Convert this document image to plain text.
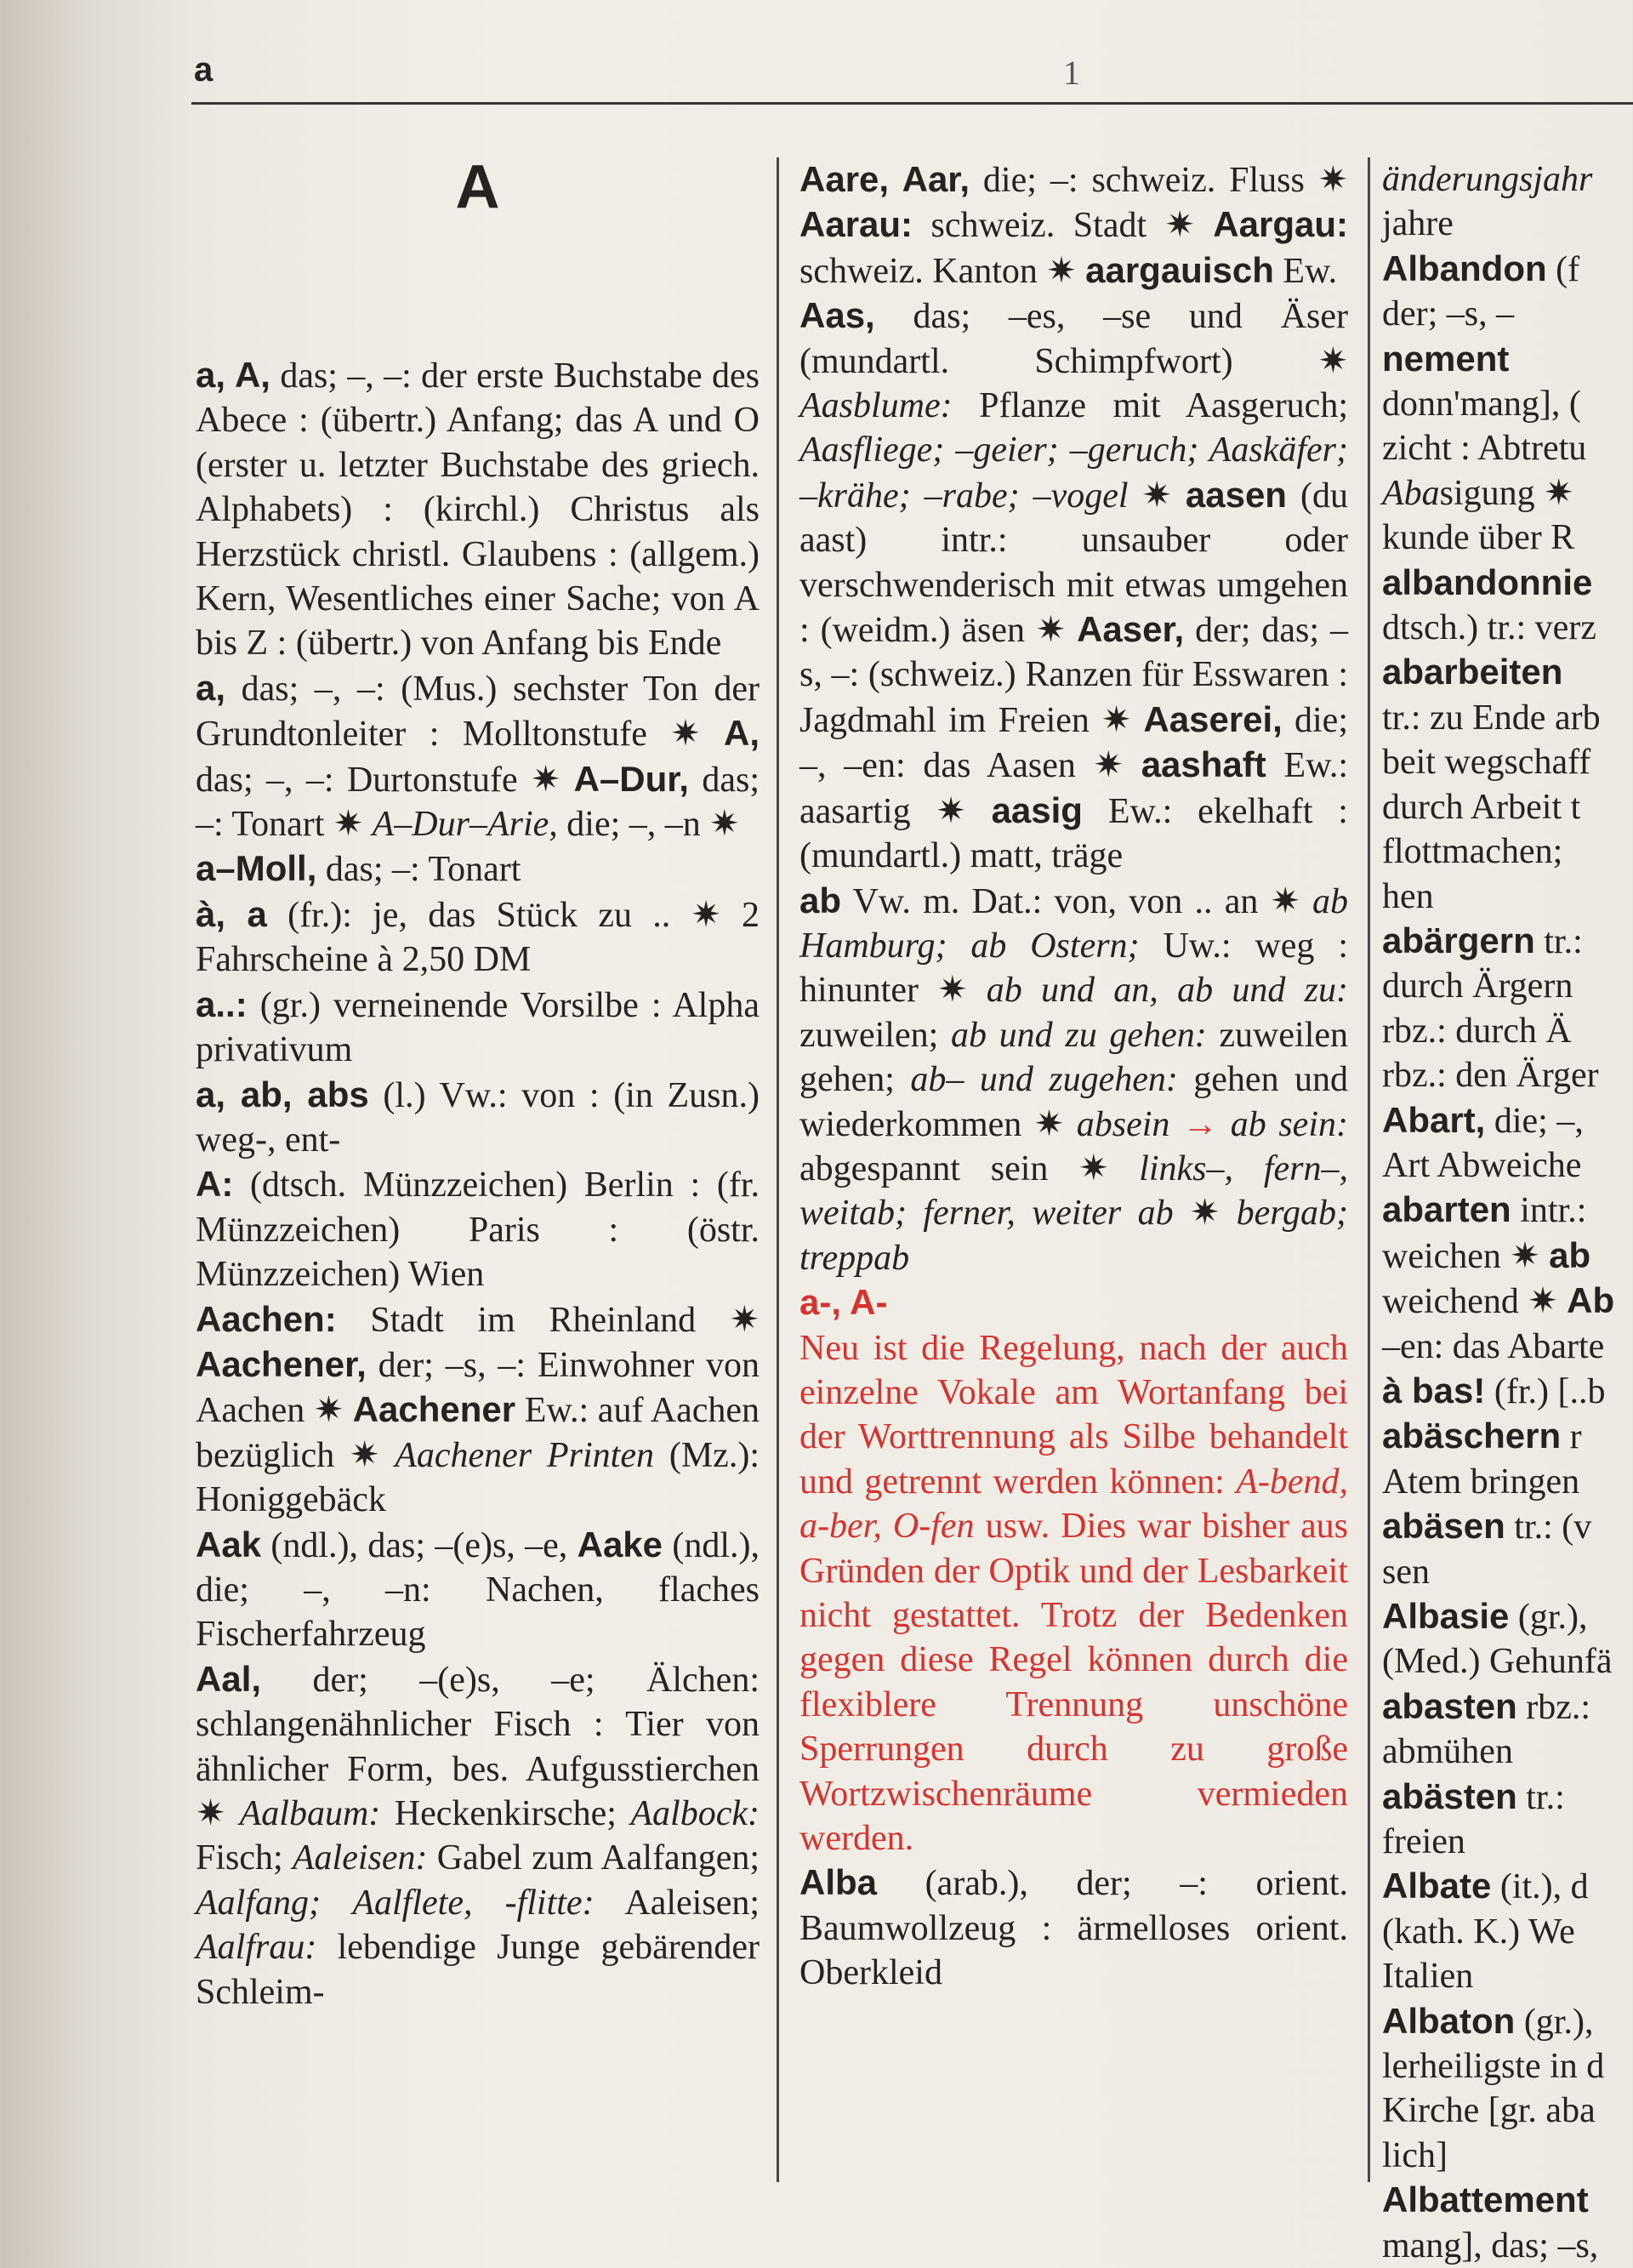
a	1
A

a, A, das; –, –: der erste Buchstabe des Abece : (übertr.) Anfang; das A und O (erster u. letzter Buchstabe des griech. Alphabets) : (kirchl.) Christus als Herzstück christl. Glaubens : (allgem.) Kern, Wesentliches einer Sache; von A bis Z : (übertr.) von Anfang bis Ende

a, das; –, –: (Mus.) sechster Ton der Grundtonleiter : Molltonstufe ✷ A, das; –, –: Durtonstufe ✷ A–Dur, das; –: Tonart ✷ A–Dur–Arie, die; –, –n ✷

a–Moll, das; –: Tonart

à, a (fr.): je, das Stück zu .. ✷ 2 Fahrscheine à 2,50 DM

a..: (gr.) verneinende Vorsilbe : Alpha privativum

a, ab, abs (l.) Vw.: von : (in Zusn.) weg-, ent-

A: (dtsch. Münzzeichen) Berlin : (fr. Münzzeichen) Paris : (östr. Münzzeichen) Wien

Aachen: Stadt im Rheinland ✷ Aachener, der; –s, –: Einwohner von Aachen ✷ Aachener Ew.: auf Aachen bezüglich ✷ Aachener Printen (Mz.): Honiggebäck

Aak (ndl.), das; –(e)s, –e, Aake (ndl.), die; –, –n: Nachen, flaches Fischerfahrzeug

Aal, der; –(e)s, –e; Älchen: schlangenähnlicher Fisch : Tier von ähnlicher Form, bes. Aufgusstierchen ✷ Aalbaum: Heckenkirsche; Aalbock: Fisch; Aaleisen: Gabel zum Aalfangen; Aalfang; Aalflete, -flitte: Aaleisen; Aalfrau: lebendige Junge gebärender Schleim-

Aare, Aar, die; –: schweiz. Fluss ✷ Aarau: schweiz. Stadt ✷ Aargau: schweiz. Kanton ✷ aargauisch Ew.

Aas, das; –es, –se und Äser (mundartl. Schimpfwort) ✷ Aasblume: Pflanze mit Aasgeruch; Aasfliege; –geier; –geruch; Aaskäfer; –krähe; –rabe; –vogel ✷ aasen (du aast) intr.: unsauber oder verschwenderisch mit etwas umgehen : (weidm.) äsen ✷ Aaser, der; das; –s, –: (schweiz.) Ranzen für Esswaren : Jagdmahl im Freien ✷ Aaserei, die; –, –en: das Aasen ✷ aashaft Ew.: aasartig ✷ aasig Ew.: ekelhaft : (mundartl.) matt, träge

ab Vw. m. Dat.: von, von .. an ✷ ab Hamburg; ab Ostern; Uw.: weg : hinunter ✷ ab und an, ab und zu: zuweilen; ab und zu gehen: zuweilen gehen; ab– und zugehen: gehen und wiederkommen ✷ absein → ab sein: abgespannt sein ✷ links–, fern–, weitab; ferner, weiter ab ✷ bergab; treppab

a-, A-
Neu ist die Regelung, nach der auch einzelne Vokale am Wortanfang bei der Worttrennung als Silbe behandelt und getrennt werden können: A-bend, a-ber, O-fen usw. Dies war bisher aus Gründen der Optik und der Lesbarkeit nicht gestattet. Trotz der Bedenken gegen diese Regel können durch die flexiblere Trennung unschöne Sperrungen durch zu große Wortzwischenräume vermieden werden.

Alba (arab.), der; –: orient. Baumwollzeug : ärmelloses orient. Oberkleid

änderungsjahr
jahre
Albandon (f
der; –s, –
nement
donn'mang], (
zicht : Abtretu
Abasigung ✷
kunde über R
albandonnie
dtsch.) tr.: verz
abarbeiten
tr.: zu Ende arb
beit wegschaff
durch Arbeit t
flottmachen;
hen
abärgern tr.:
durch Ärgern
rbz.: durch Ä
rbz.: den Ärger
Abart, die; –,
Art Abweiche
abarten intr.:
weichen ✷ ab
weichend ✷ Ab
–en: das Abarte
à bas! (fr.) [..b
abäschern r
Atem bringen
abäsen tr.: (v
sen
Albasie (gr.),
(Med.) Gehunfä
abasten rbz.:
abmühen
abästen tr.:
freien
Albate (it.), d
(kath. K.) We
Italien
Albaton (gr.),
lerheiligste in d
Kirche [gr. aba
lich]
Albattement
mang], das; –s,
